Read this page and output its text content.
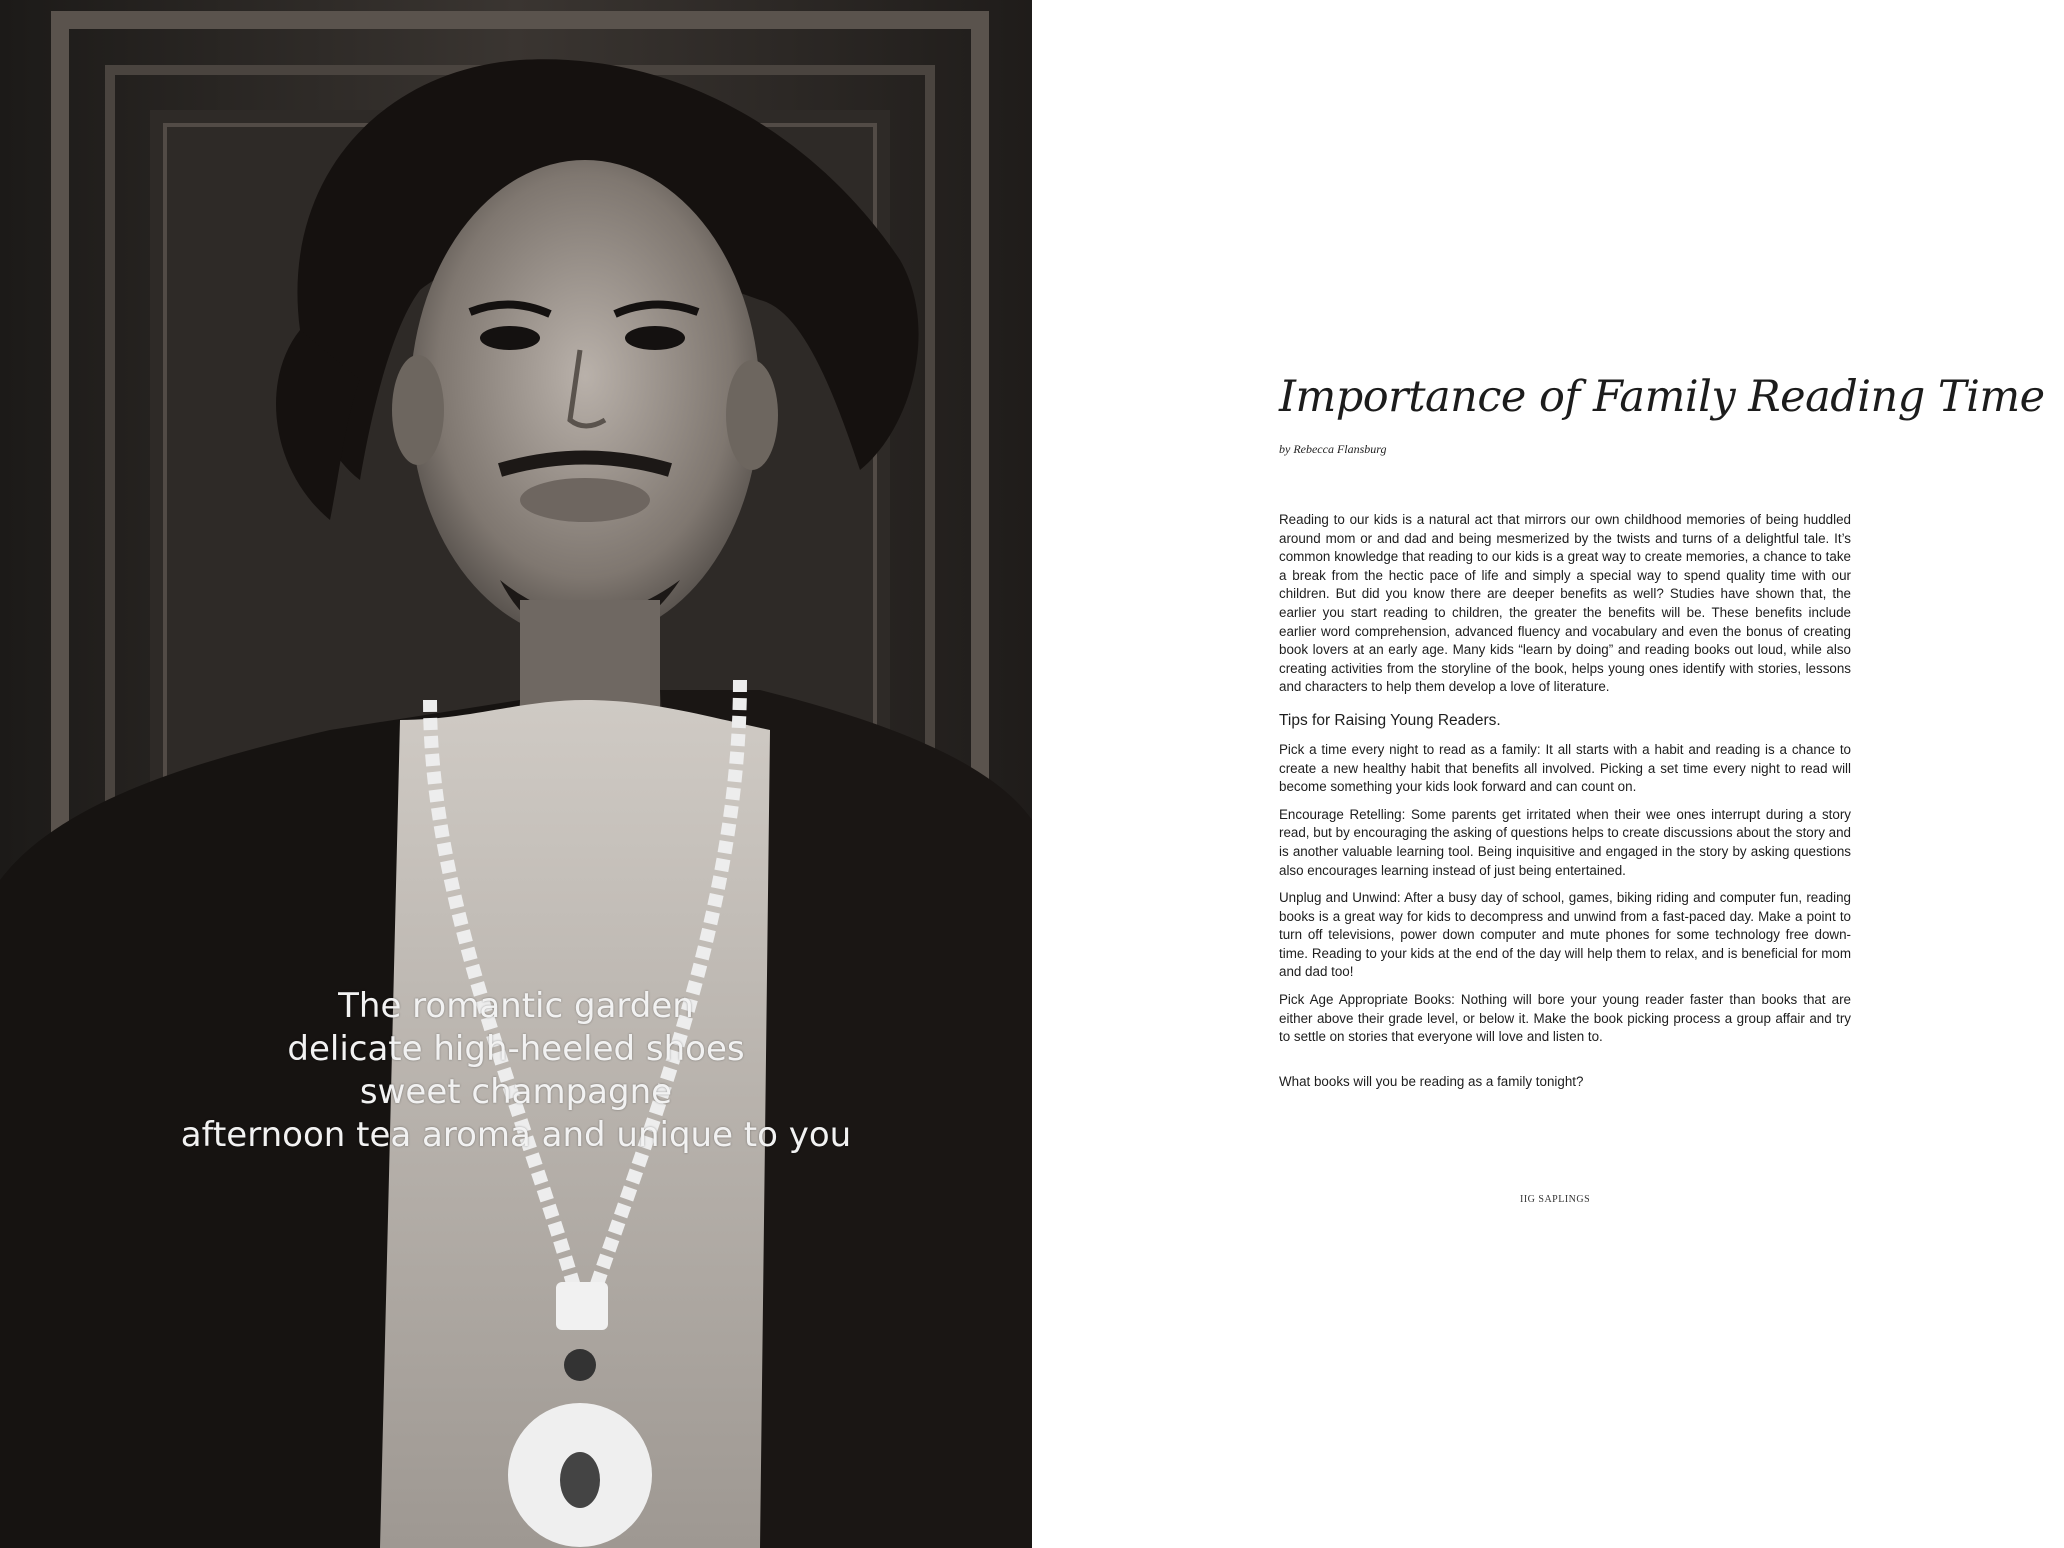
The romantic garden
delicate high-heeled shoes
sweet champagne
afternoon tea aroma and unique to you
Importance of Family Reading Time
by Rebecca Flansburg

Reading to our kids is a natural act that mirrors our own childhood memories of being huddled around mom or and dad and being mesmerized by the twists and turns of a delightful tale. It’s common knowledge that reading to our kids is a great way to create memories, a chance to take a break from the hectic pace of life and simply a special way to spend quality time with our children. But did you know there are deeper benefits as well? Studies have shown that, the earlier you start reading to children, the greater the benefits will be. These benefits include earlier word comprehension, advanced fluency and vocabulary and even the bonus of creating book lovers at an early age. Many kids “learn by doing” and reading books out loud, while also creating activities from the storyline of the book, helps young ones identify with stories, lessons and characters to help them develop a love of literature.

Tips for Raising Young Readers.

Pick a time every night to read as a family: It all starts with a habit and reading is a chance to create a new healthy habit that benefits all involved. Picking a set time every night to read will become something your kids look forward and can count on.

Encourage Retelling: Some parents get irritated when their wee ones interrupt during a story read, but by encouraging the asking of questions helps to create discussions about the story and is another valuable learning tool. Being inquisitive and engaged in the story by asking questions also encourages learning instead of just being entertained.

Unplug and Unwind: After a busy day of school, games, biking riding and computer fun, reading books is a great way for kids to decompress and unwind from a fast-paced day. Make a point to turn off televisions, power down computer and mute phones for some technology free down-time. Reading to your kids at the end of the day will help them to relax, and is beneficial for mom and dad too!

Pick Age Appropriate Books: Nothing will bore your young reader faster than books that are either above their grade level, or below it. Make the book picking process a group affair and try to settle on stories that everyone will love and listen to.

What books will you be reading as a family tonight?

IIG SAPLINGS
